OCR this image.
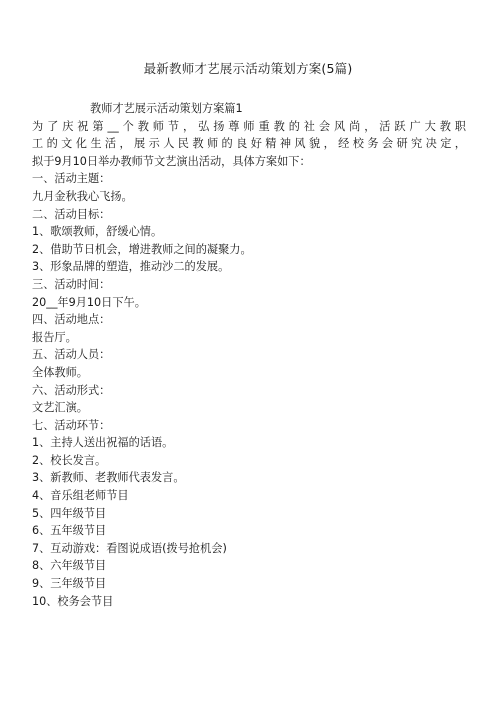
最新教师才艺展示活动策划方案(5篇)
教师才艺展示活动策划方案篇1
为了庆祝第__个教师节，弘扬尊师重教的社会风尚，活跃广大教职
工的文化生活，展示人民教师的良好精神风貌，经校务会研究决定，
拟于9月10日举办教师节文艺演出活动，具体方案如下：
一、活动主题：
九月金秋我心飞扬。
二、活动目标：
1、歌颂教师，舒缓心情。
2、借助节日机会，增进教师之间的凝聚力。
3、形象品牌的塑造，推动沙二的发展。
三、活动时间：
20__年9月10日下午。
四、活动地点：
报告厅。
五、活动人员：
全体教师。
六、活动形式：
文艺汇演。
七、活动环节：
1、主持人送出祝福的话语。
2、校长发言。
3、新教师、老教师代表发言。
4、音乐组老师节目
5、四年级节目
6、五年级节目
7、互动游戏：看图说成语(拨号抢机会)
8、六年级节目
9、三年级节目
10、校务会节目
